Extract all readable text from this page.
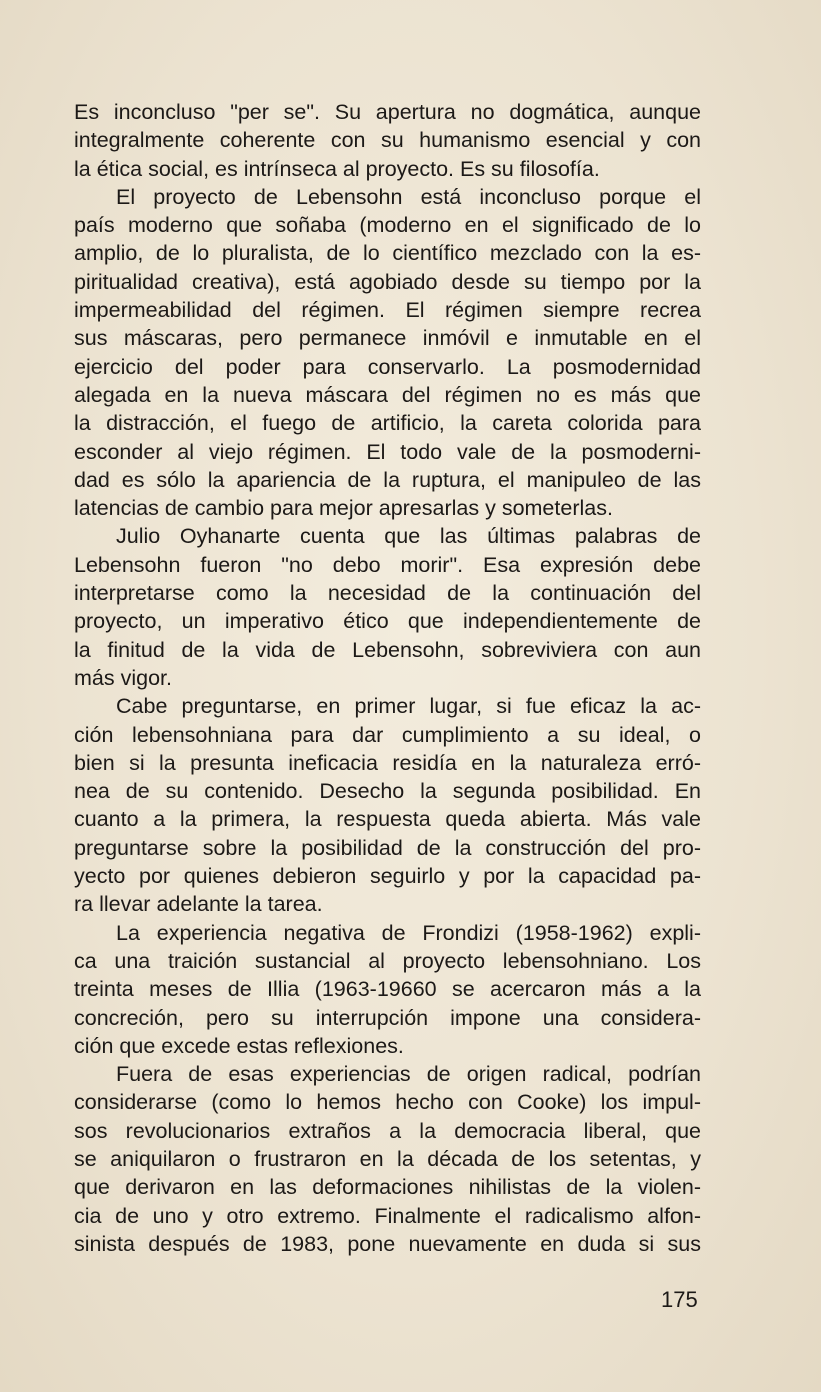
Es inconcluso "per se". Su apertura no dogmática, aunque
integralmente coherente con su humanismo esencial y con
la ética social, es intrínseca al proyecto. Es su filosofía.
El proyecto de Lebensohn está inconcluso porque el
país moderno que soñaba (moderno en el significado de lo
amplio, de lo pluralista, de lo científico mezclado con la es-
piritualidad creativa), está agobiado desde su tiempo por la
impermeabilidad del régimen. El régimen siempre recrea
sus máscaras, pero permanece inmóvil e inmutable en el
ejercicio del poder para conservarlo. La posmodernidad
alegada en la nueva máscara del régimen no es más que
la distracción, el fuego de artificio, la careta colorida para
esconder al viejo régimen. El todo vale de la posmoderni-
dad es sólo la apariencia de la ruptura, el manipuleo de las
latencias de cambio para mejor apresarlas y someterlas.
Julio Oyhanarte cuenta que las últimas palabras de
Lebensohn fueron "no debo morir". Esa expresión debe
interpretarse como la necesidad de la continuación del
proyecto, un imperativo ético que independientemente de
la finitud de la vida de Lebensohn, sobreviviera con aun
más vigor.
Cabe preguntarse, en primer lugar, si fue eficaz la ac-
ción lebensohniana para dar cumplimiento a su ideal, o
bien si la presunta ineficacia residía en la naturaleza erró-
nea de su contenido. Desecho la segunda posibilidad. En
cuanto a la primera, la respuesta queda abierta. Más vale
preguntarse sobre la posibilidad de la construcción del pro-
yecto por quienes debieron seguirlo y por la capacidad pa-
ra llevar adelante la tarea.
La experiencia negativa de Frondizi (1958-1962) expli-
ca una traición sustancial al proyecto lebensohniano. Los
treinta meses de Illia (1963-19660 se acercaron más a la
concreción, pero su interrupción impone una considera-
ción que excede estas reflexiones.
Fuera de esas experiencias de origen radical, podrían
considerarse (como lo hemos hecho con Cooke) los impul-
sos revolucionarios extraños a la democracia liberal, que
se aniquilaron o frustraron en la década de los setentas, y
que derivaron en las deformaciones nihilistas de la violen-
cia de uno y otro extremo. Finalmente el radicalismo alfon-
sinista después de 1983, pone nuevamente en duda si sus
175
